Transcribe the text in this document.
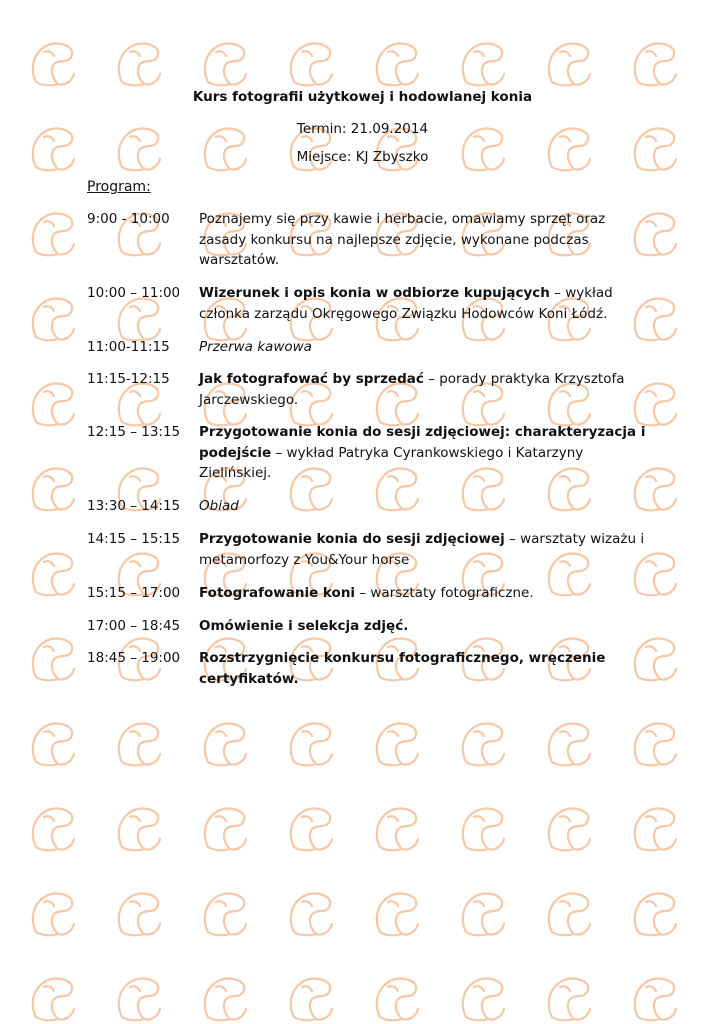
Kurs fotografii użytkowej i hodowlanej konia
Termin: 21.09.2014
Miejsce: KJ Zbyszko
Program:
9:00 - 10:00	Poznajemy się przy kawie i herbacie, omawiamy sprzęt oraz zasady konkursu na najlepsze zdjęcie, wykonane podczas warsztatów.
10:00 – 11:00	Wizerunek i opis konia w odbiorze kupujących – wykład członka zarządu Okręgowego Związku Hodowców Koni Łódź.
11:00-11:15	Przerwa kawowa
11:15-12:15	Jak fotografować by sprzedać – porady praktyka Krzysztofa Jarczewskiego.
12:15 – 13:15	Przygotowanie konia do sesji zdjęciowej: charakteryzacja i podejście – wykład Patryka Cyrankowskiego i Katarzyny Zielińskiej.
13:30 – 14:15	Obiad
14:15 – 15:15	Przygotowanie konia do sesji zdjęciowej – warsztaty wizażu i metamorfozy z You&Your horse
15:15 – 17:00	Fotografowanie koni – warsztaty fotograficzne.
17:00 – 18:45	Omówienie i selekcja zdjęć.
18:45 – 19:00	Rozstrzygnięcie konkursu fotograficznego, wręczenie certyfikatów.
